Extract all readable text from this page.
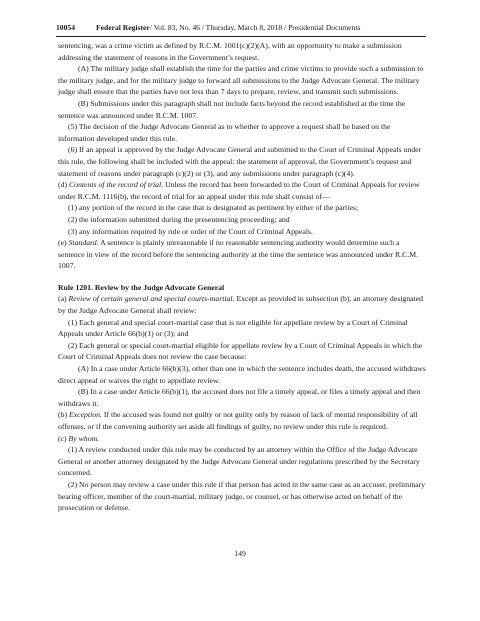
10054	Federal Register/ Vol. 83, No. 46 / Thursday, March 8, 2018 / Presidential Documents

sentencing, was a crime victim as defined by R.C.M. 1001(c)(2)(A), with an opportunity to make a submission addressing the statement of reasons in the Government’s request.

(A) The military judge shall establish the time for the parties and crime victims to provide such a submission to the military judge, and for the military judge to forward all submissions to the Judge Advocate General. The military judge shall ensure that the parties have not less than 7 days to prepare, review, and transmit such submissions.

(B) Submissions under this paragraph shall not include facts beyond the record established at the time the sentence was announced under R.C.M. 1007.

(5) The decision of the Judge Advocate General as to whether to approve a request shall be based on the information developed under this rule.

(6) If an appeal is approved by the Judge Advocate General and submitted to the Court of Criminal Appeals under this rule, the following shall be included with the appeal: the statement of approval, the Government’s request and statement of reasons under paragraph (c)(2) or (3), and any submissions under paragraph (c)(4).

(d) Contents of the record of trial. Unless the record has been forwarded to the Court of Criminal Appeals for review under R.C.M. 1116(b), the record of trial for an appeal under this rule shall consist of—

(1) any portion of the record in the case that is designated as pertinent by either of the parties;

(2) the information submitted during the presentencing proceeding; and

(3) any information required by rule or order of the Court of Criminal Appeals.

(e) Standard. A sentence is plainly unreasonable if no reasonable sentencing authority would determine such a sentence in view of the record before the sentencing authority at the time the sentence was announced under R.C.M. 1007.

Rule 1201. Review by the Judge Advocate General

(a) Review of certain general and special courts-martial. Except as provided in subsection (b), an attorney designated by the Judge Advocate General shall review:

(1) Each general and special court-martial case that is not eligible for appellate review by a Court of Criminal Appeals under Article 66(b)(1) or (3); and

(2) Each general or special court-martial eligible for appellate review by a Court of Criminal Appeals in which the Court of Criminal Appeals does not review the case because:

(A) In a case under Article 66(b)(3), other than one in which the sentence includes death, the accused withdraws direct appeal or waives the right to appellate review.

(B) In a case under Article 66(b)(1), the accused does not file a timely appeal, or files a timely appeal and then withdraws it.

(b) Exception. If the accused was found not guilty or not guilty only by reason of lack of mental responsibility of all offenses, or if the convening authority set aside all findings of guilty, no review under this rule is required.

(c) By whom.

(1) A review conducted under this rule may be conducted by an attorney within the Office of the Judge Advocate General or another attorney designated by the Judge Advocate General under regulations prescribed by the Secretary concerned.

(2) No person may review a case under this rule if that person has acted in the same case as an accuser, preliminary hearing officer, member of the court-martial, military judge, or counsel, or has otherwise acted on behalf of the prosecution or defense.

149
